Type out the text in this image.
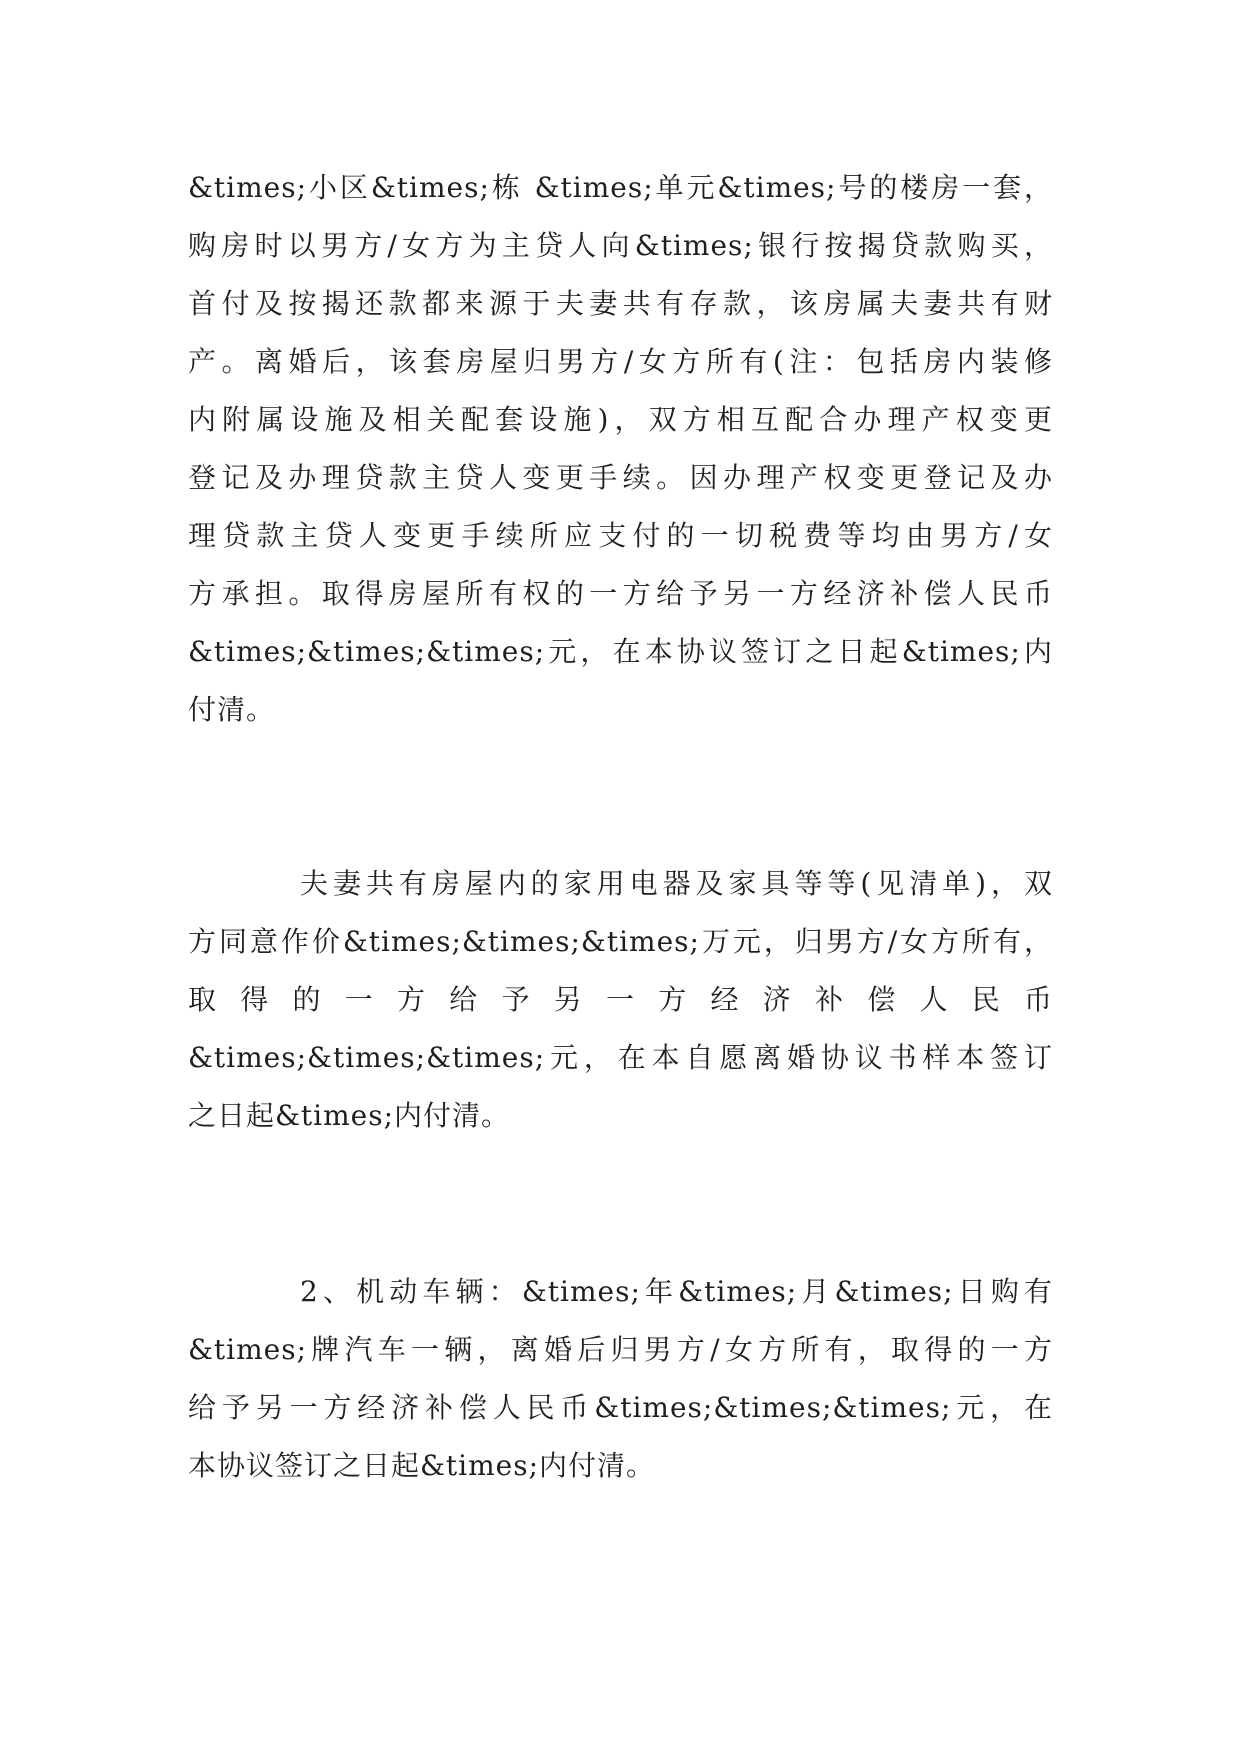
&times;小区&times;栋 &times;单元&times;号的楼房一套，
购房时以男方/女方为主贷人向&times;银行按揭贷款购买，
首付及按揭还款都来源于夫妻共有存款，该房属夫妻共有财
产。离婚后，该套房屋归男方/女方所有(注：包括房内装修
内附属设施及相关配套设施)，双方相互配合办理产权变更
登记及办理贷款主贷人变更手续。因办理产权变更登记及办
理贷款主贷人变更手续所应支付的一切税费等均由男方/女
方承担。取得房屋所有权的一方给予另一方经济补偿人民币
&times;&times;&times;元，在本协议签订之日起&times;内
付清。
夫妻共有房屋内的家用电器及家具等等(见清单)，双
方同意作价&times;&times;&times;万元，归男方/女方所有，
取得的一方给予另一方经济补偿人民币
&times;&times;&times;元，在本自愿离婚协议书样本签订
之日起&times;内付清。
2、机动车辆：&times;年&times;月&times;日购有
&times;牌汽车一辆，离婚后归男方/女方所有，取得的一方
给予另一方经济补偿人民币&times;&times;&times;元，在
本协议签订之日起&times;内付清。
